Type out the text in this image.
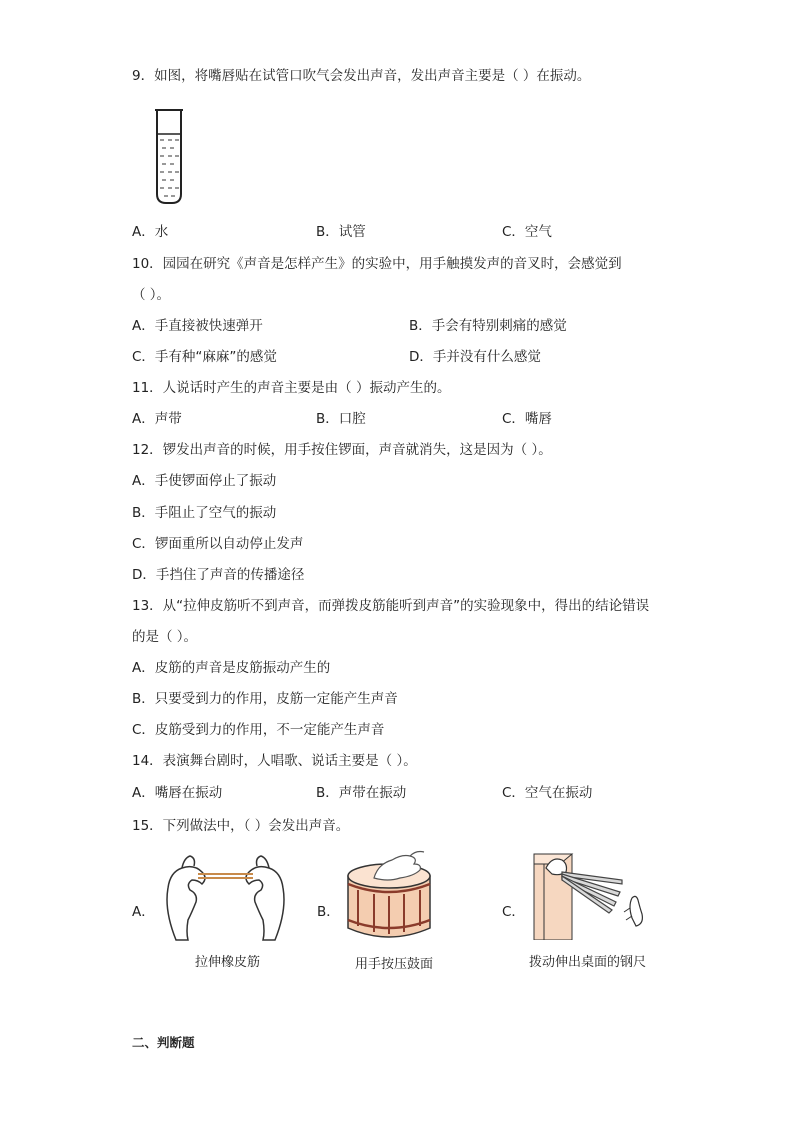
9．如图，将嘴唇贴在试管口吹气会发出声音，发出声音主要是（ ）在振动。
A．水	B．试管	C．空气
10．园园在研究《声音是怎样产生》的实验中，用手触摸发声的音叉时，会感觉到
（ ）。
A．手直接被快速弹开	B．手会有特别刺痛的感觉
C．手有种“麻麻”的感觉	D．手并没有什么感觉
11．人说话时产生的声音主要是由（ ）振动产生的。
A．声带	B．口腔	C．嘴唇
12．锣发出声音的时候，用手按住锣面，声音就消失，这是因为（ ）。
A．手使锣面停止了振动
B．手阻止了空气的振动
C．锣面重所以自动停止发声
D．手挡住了声音的传播途径
13．从“拉伸皮筋听不到声音，而弹拨皮筋能听到声音”的实验现象中，得出的结论错误
的是（ ）。
A．皮筋的声音是皮筋振动产生的
B．只要受到力的作用，皮筋一定能产生声音
C．皮筋受到力的作用，不一定能产生声音
14．表演舞台剧时，人唱歌、说话主要是（ ）。
A．嘴唇在振动	B．声带在振动	C．空气在振动
15．下列做法中，（ ）会发出声音。
A．
拉伸橡皮筋
B．
用手按压鼓面
C．
拨动伸出桌面的钢尺
二、判断题
